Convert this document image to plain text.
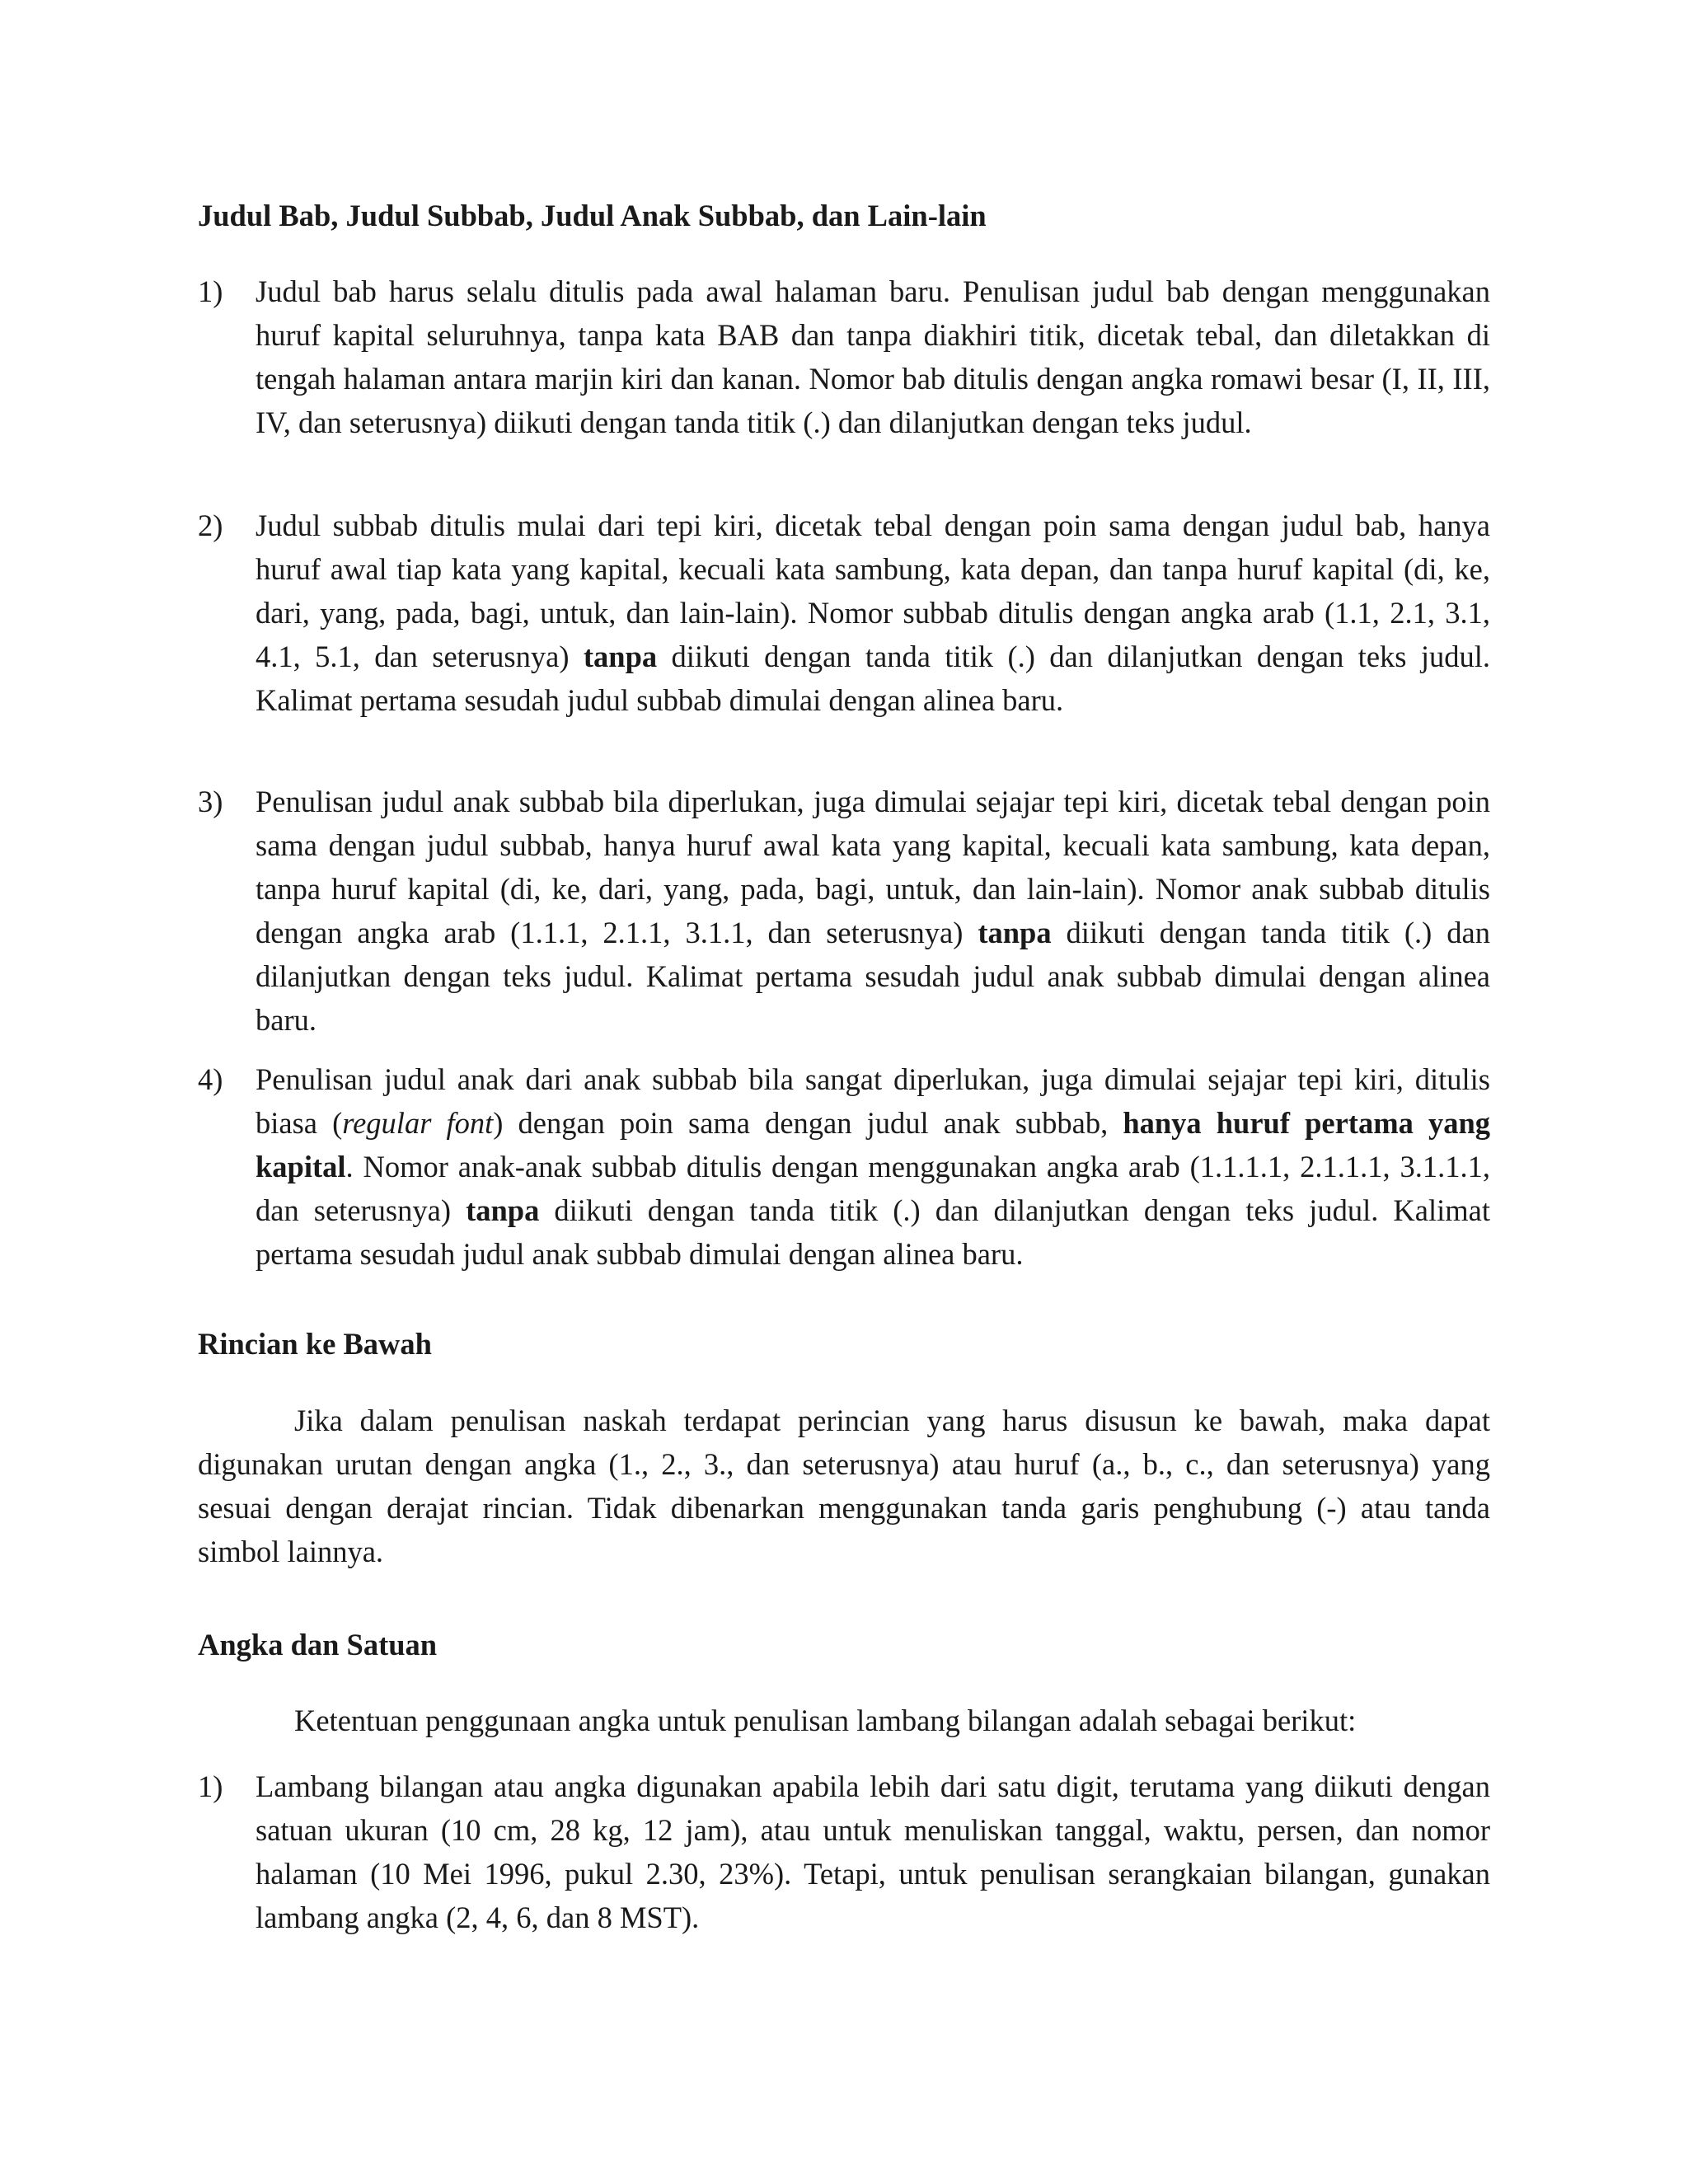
Judul Bab, Judul Subbab, Judul Anak Subbab, dan Lain-lain
1) Judul bab harus selalu ditulis pada awal halaman baru. Penulisan judul bab dengan menggunakan huruf kapital seluruhnya, tanpa kata BAB dan tanpa diakhiri titik, dicetak tebal, dan diletakkan di tengah halaman antara marjin kiri dan kanan. Nomor bab ditulis dengan angka romawi besar (I, II, III, IV, dan seterusnya) diikuti dengan tanda titik (.) dan dilanjutkan dengan teks judul.
2) Judul subbab ditulis mulai dari tepi kiri, dicetak tebal dengan poin sama dengan judul bab, hanya huruf awal tiap kata yang kapital, kecuali kata sambung, kata depan, dan tanpa huruf kapital (di, ke, dari, yang, pada, bagi, untuk, dan lain-lain). Nomor subbab ditulis dengan angka arab (1.1, 2.1, 3.1, 4.1, 5.1, dan seterusnya) tanpa diikuti dengan tanda titik (.) dan dilanjutkan dengan teks judul. Kalimat pertama sesudah judul subbab dimulai dengan alinea baru.
3) Penulisan judul anak subbab bila diperlukan, juga dimulai sejajar tepi kiri, dicetak tebal dengan poin sama dengan judul subbab, hanya huruf awal kata yang kapital, kecuali kata sambung, kata depan, tanpa huruf kapital (di, ke, dari, yang, pada, bagi, untuk, dan lain-lain). Nomor anak subbab ditulis dengan angka arab (1.1.1, 2.1.1, 3.1.1, dan seterusnya) tanpa diikuti dengan tanda titik (.) dan dilanjutkan dengan teks judul. Kalimat pertama sesudah judul anak subbab dimulai dengan alinea baru.
4) Penulisan judul anak dari anak subbab bila sangat diperlukan, juga dimulai sejajar tepi kiri, ditulis biasa (regular font) dengan poin sama dengan judul anak subbab, hanya huruf pertama yang kapital. Nomor anak-anak subbab ditulis dengan menggunakan angka arab (1.1.1.1, 2.1.1.1, 3.1.1.1, dan seterusnya) tanpa diikuti dengan tanda titik (.) dan dilanjutkan dengan teks judul. Kalimat pertama sesudah judul anak subbab dimulai dengan alinea baru.
Rincian ke Bawah
Jika dalam penulisan naskah terdapat perincian yang harus disusun ke bawah, maka dapat digunakan urutan dengan angka (1., 2., 3., dan seterusnya) atau huruf (a., b., c., dan seterusnya) yang sesuai dengan derajat rincian. Tidak dibenarkan menggunakan tanda garis penghubung (-) atau tanda simbol lainnya.
Angka dan Satuan
Ketentuan penggunaan angka untuk penulisan lambang bilangan adalah sebagai berikut:
1) Lambang bilangan atau angka digunakan apabila lebih dari satu digit, terutama yang diikuti dengan satuan ukuran (10 cm, 28 kg, 12 jam), atau untuk menuliskan tanggal, waktu, persen, dan nomor halaman (10 Mei 1996, pukul 2.30, 23%). Tetapi, untuk penulisan serangkaian bilangan, gunakan lambang angka (2, 4, 6, dan 8 MST).
